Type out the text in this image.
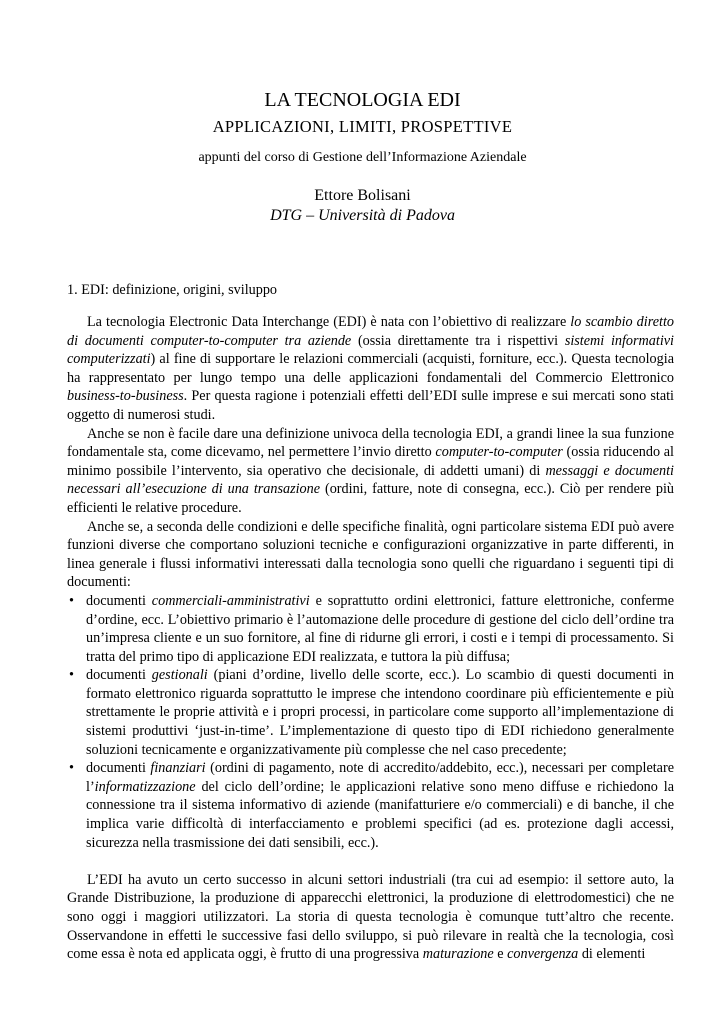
LA TECNOLOGIA EDI
APPLICAZIONI, LIMITI, PROSPETTIVE
appunti del corso di Gestione dell’Informazione Aziendale
Ettore Bolisani
DTG – Università di Padova
1. EDI: definizione, origini, sviluppo

La tecnologia Electronic Data Interchange (EDI) è nata con l’obiettivo di realizzare lo scambio diretto di documenti computer-to-computer tra aziende (ossia direttamente tra i rispettivi sistemi informativi computerizzati) al fine di supportare le relazioni commerciali (acquisti, forniture, ecc.). Questa tecnologia ha rappresentato per lungo tempo una delle applicazioni fondamentali del Commercio Elettronico business-to-business. Per questa ragione i potenziali effetti dell’EDI sulle imprese e sui mercati sono stati oggetto di numerosi studi.

Anche se non è facile dare una definizione univoca della tecnologia EDI, a grandi linee la sua funzione fondamentale sta, come dicevamo, nel permettere l’invio diretto computer-to-computer (ossia riducendo al minimo possibile l’intervento, sia operativo che decisionale, di addetti umani) di messaggi e documenti necessari all’esecuzione di una transazione (ordini, fatture, note di consegna, ecc.). Ciò per rendere più efficienti le relative procedure.

Anche se, a seconda delle condizioni e delle specifiche finalità, ogni particolare sistema EDI può avere funzioni diverse che comportano soluzioni tecniche e configurazioni organizzative in parte differenti, in linea generale i flussi informativi interessati dalla tecnologia sono quelli che riguardano i seguenti tipi di documenti:

• documenti commerciali-amministrativi e soprattutto ordini elettronici, fatture elettroniche, conferme d’ordine, ecc. L’obiettivo primario è l’automazione delle procedure di gestione del ciclo dell’ordine tra un’impresa cliente e un suo fornitore, al fine di ridurne gli errori, i costi e i tempi di processamento. Si tratta del primo tipo di applicazione EDI realizzata, e tuttora la più diffusa;
• documenti gestionali (piani d’ordine, livello delle scorte, ecc.). Lo scambio di questi documenti in formato elettronico riguarda soprattutto le imprese che intendono coordinare più efficientemente e più strettamente le proprie attività e i propri processi, in particolare come supporto all’implementazione di sistemi produttivi ‘just-in-time’. L’implementazione di questo tipo di EDI richiedono generalmente soluzioni tecnicamente e organizzativamente più complesse che nel caso precedente;
• documenti finanziari (ordini di pagamento, note di accredito/addebito, ecc.), necessari per completare l’informatizzazione del ciclo dell’ordine; le applicazioni relative sono meno diffuse e richiedono la connessione tra il sistema informativo di aziende (manifatturiere e/o commerciali) e di banche, il che implica varie difficoltà di interfacciamento e problemi specifici (ad es. protezione dagli accessi, sicurezza nella trasmissione dei dati sensibili, ecc.).

L’EDI ha avuto un certo successo in alcuni settori industriali (tra cui ad esempio: il settore auto, la Grande Distribuzione, la produzione di apparecchi elettronici, la produzione di elettrodomestici) che ne sono oggi i maggiori utilizzatori. La storia di questa tecnologia è comunque tutt’altro che recente. Osservandone in effetti le successive fasi dello sviluppo, si può rilevare in realtà che la tecnologia, così come essa è nota ed applicata oggi, è frutto di una progressiva maturazione e convergenza di elementi
